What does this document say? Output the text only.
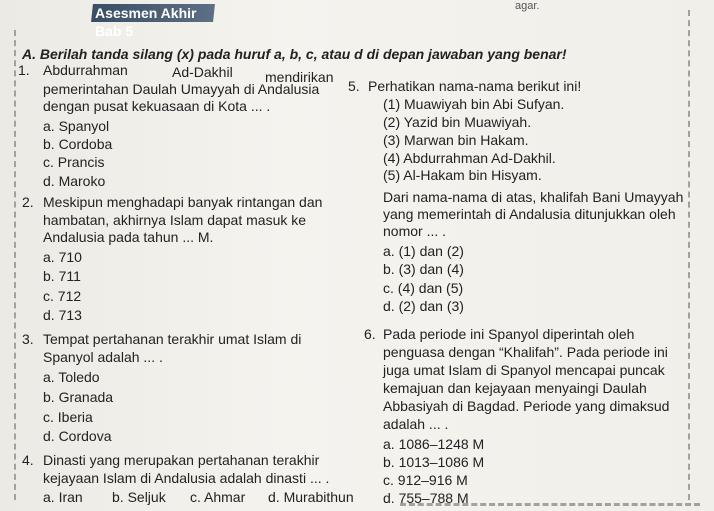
Asesmen Akhir Bab 5
agar.
A. Berilah tanda silang (x) pada huruf a, b, c, atau d di depan jawaban yang benar!
1. Abdurrahman	Ad-Dakhil mendirikan
pemerintahan Daulah Umayyah di Andalusia
dengan pusat kekuasaan di Kota ... .
a. Spanyol
b. Cordoba
c. Prancis
d. Maroko
2. Meskipun menghadapi banyak rintangan dan
hambatan, akhirnya Islam dapat masuk ke
Andalusia pada tahun ... M.
a. 710
b. 711
c. 712
d. 713
3. Tempat pertahanan terakhir umat Islam di
Spanyol adalah ... .
a. Toledo
b. Granada
c. Iberia
d. Cordova
4. Dinasti yang merupakan pertahanan terakhir
kejayaan Islam di Andalusia adalah dinasti ... .
a. Iran
5. Perhatikan nama-nama berikut ini!
(1) Muawiyah bin Abi Sufyan.
(2) Yazid bin Muawiyah.
(3) Marwan bin Hakam.
(4) Abdurrahman Ad-Dakhil.
(5) Al-Hakam bin Hisyam.
Dari nama-nama di atas, khalifah Bani Umayyah
yang memerintah di Andalusia ditunjukkan oleh
nomor ... .
a. (1) dan (2)
b. (3) dan (4)
c. (4) dan (5)
d. (2) dan (3)
6. Pada periode ini Spanyol diperintah oleh
penguasa dengan “Khalifah”. Pada periode ini
juga umat Islam di Spanyol mencapai puncak
kemajuan dan kejayaan menyaingi Daulah
Abbasiyah di Bagdad. Periode yang dimaksud
adalah ... .
a. 1086–1248 M
b. 1013–1086 M
c. 912–916 M
d. 755–788 M
b. Seljuk c. Ahmar d. Murabithun
